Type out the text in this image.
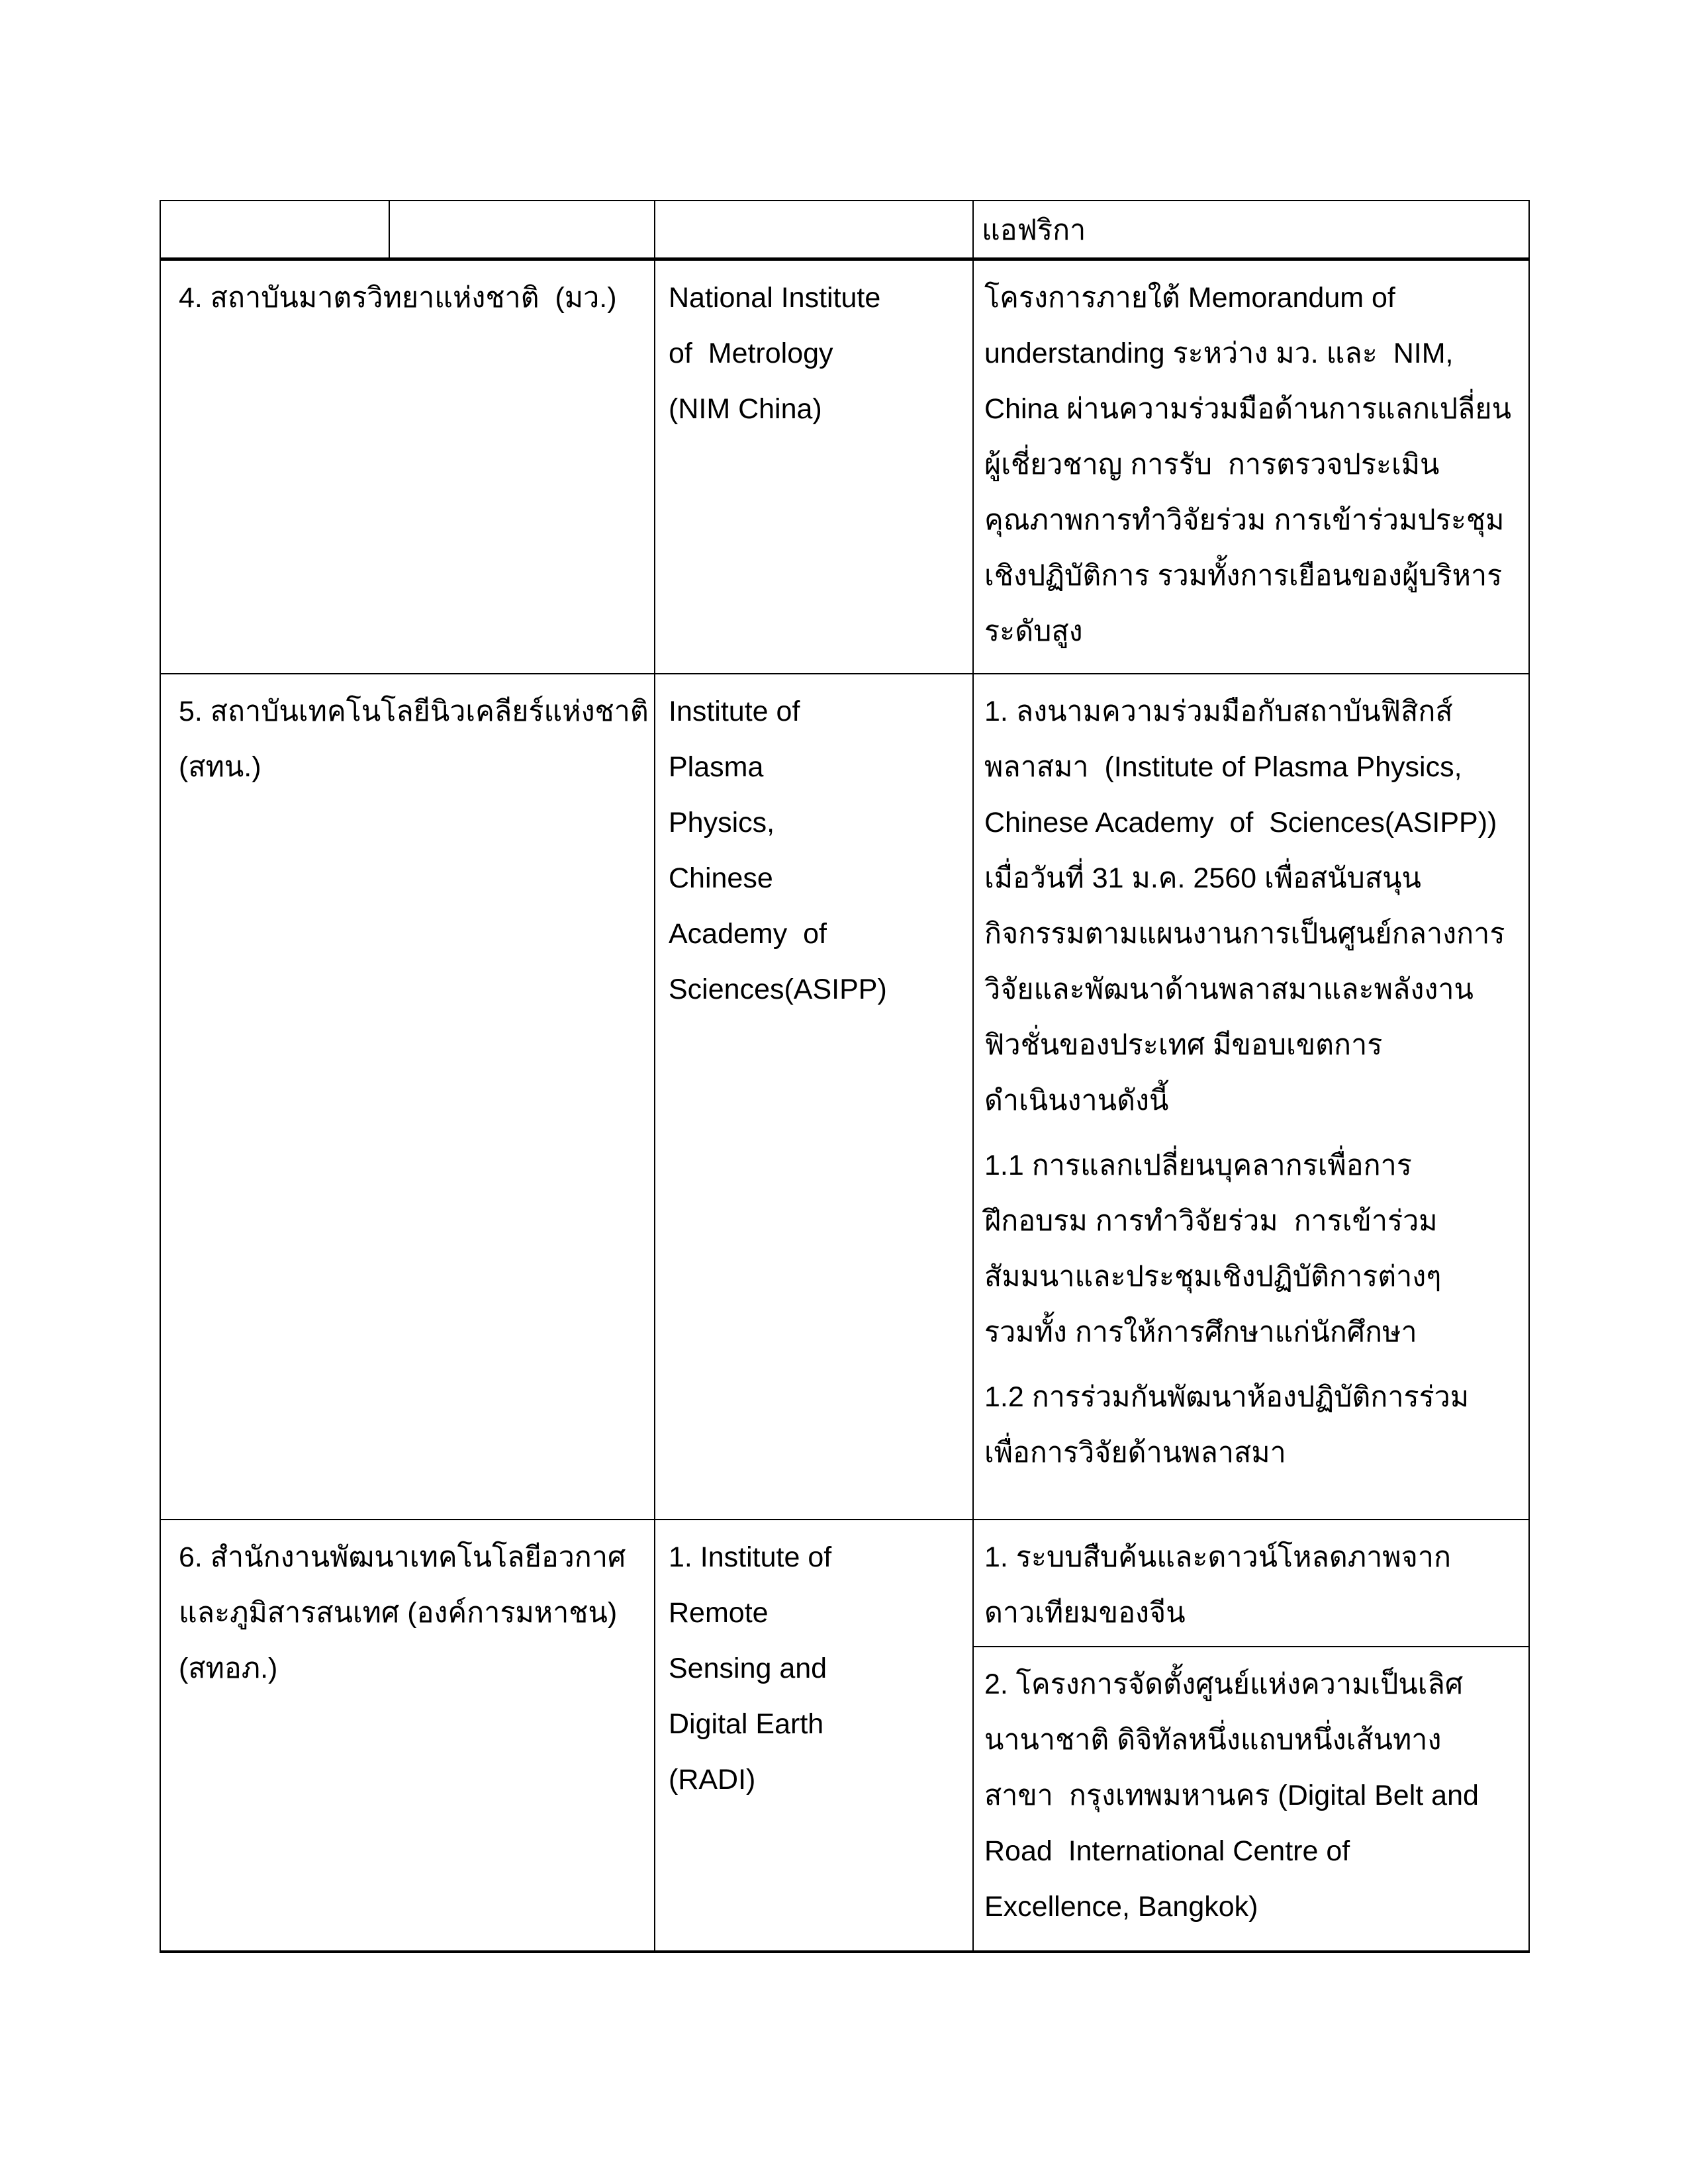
แอฟริกา
4. สถาบันมาตรวิทยาแห่งชาติ  (มว.)	National Institute
of  Metrology
(NIM China)
โครงการภายใต้ Memorandum of
understanding ระหว่าง มว. และ  NIM,
China ผ่านความร่วมมือด้านการแลกเปลี่ยน
ผู้เชี่ยวชาญ การรับ  การตรวจประเมิน
คุณภาพการทำวิจัยร่วม การเข้าร่วมประชุม
เชิงปฏิบัติการ รวมทั้งการเยือนของผู้บริหาร
ระดับสูง
5. สถาบันเทคโนโลยีนิวเคลียร์แห่งชาติ
(สทน.)
Institute of
Plasma
Physics,
Chinese
Academy  of
Sciences(ASIPP)
1. ลงนามความร่วมมือกับสถาบันฟิสิกส์
พลาสมา  (Institute of Plasma Physics,
Chinese Academy  of  Sciences(ASIPP))
เมื่อวันที่ 31 ม.ค. 2560 เพื่อสนับสนุน
กิจกรรมตามแผนงานการเป็นศูนย์กลางการ
วิจัยและพัฒนาด้านพลาสมาและพลังงาน
ฟิวชั่นของประเทศ มีขอบเขตการ
ดำเนินงานดังนี้
1.1 การแลกเปลี่ยนบุคลากรเพื่อการ
ฝึกอบรม การทำวิจัยร่วม  การเข้าร่วม
สัมมนาและประชุมเชิงปฏิบัติการต่างๆ
รวมทั้ง การให้การศึกษาแก่นักศึกษา
1.2 การร่วมกันพัฒนาห้องปฏิบัติการร่วม
เพื่อการวิจัยด้านพลาสมา
6. สำนักงานพัฒนาเทคโนโลยีอวกาศ
และภูมิสารสนเทศ (องค์การมหาชน)
(สทอภ.)
1. Institute of
Remote
Sensing and
Digital Earth
(RADI)
1. ระบบสืบค้นและดาวน์โหลดภาพจาก
ดาวเทียมของจีน
2. โครงการจัดตั้งศูนย์แห่งความเป็นเลิศ
นานาชาติ ดิจิทัลหนึ่งแถบหนึ่งเส้นทาง
สาขา  กรุงเทพมหานคร (Digital Belt and
Road  International Centre of
Excellence, Bangkok)
